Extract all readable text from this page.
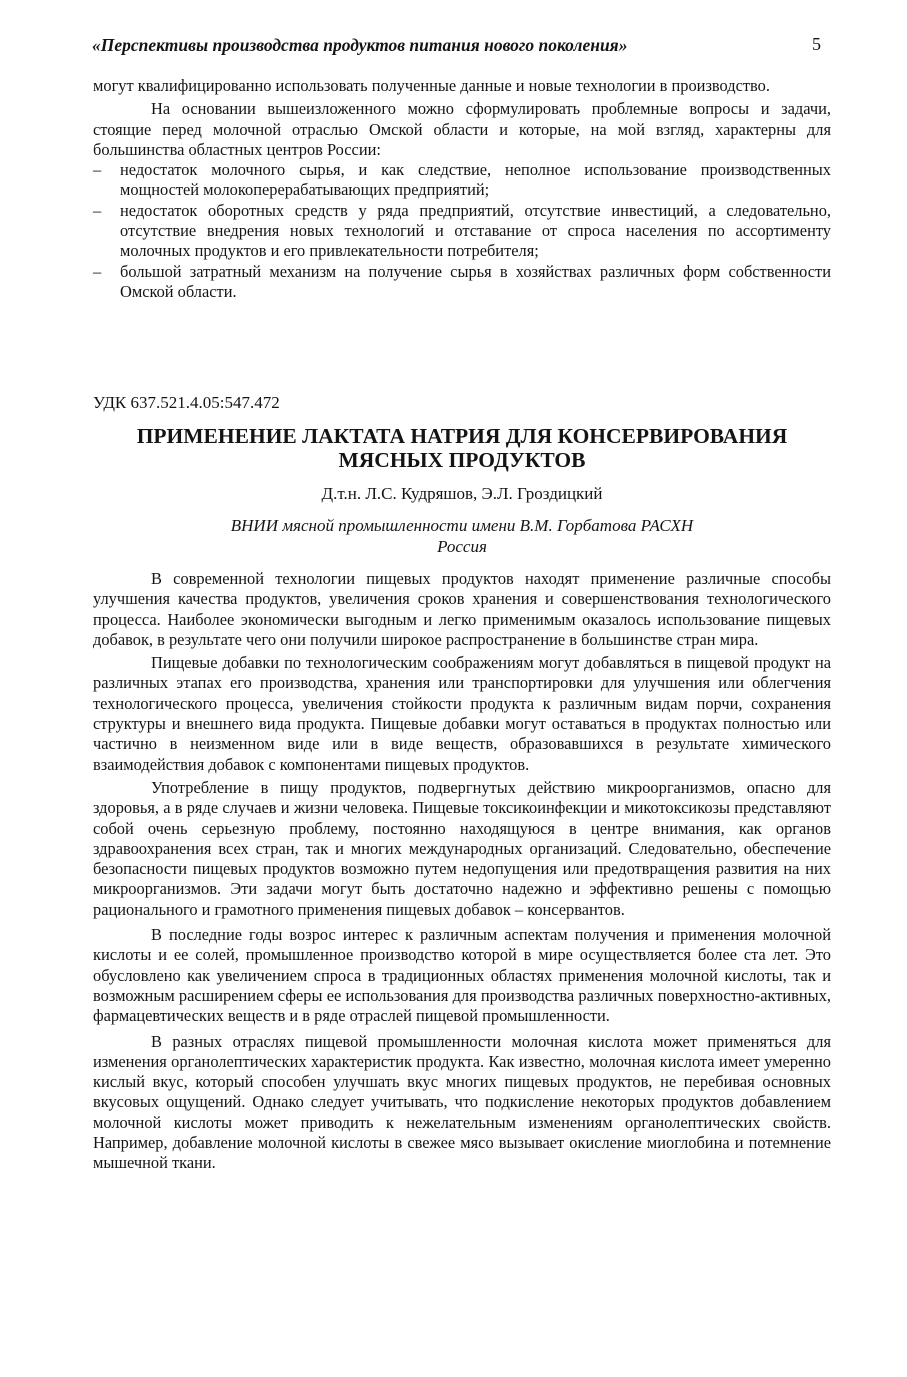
«Перспективы производства продуктов питания нового поколения»	5

могут квалифицированно использовать полученные данные и новые технологии в производство.

На основании вышеизложенного можно сформулировать проблемные вопросы и задачи, стоящие перед молочной отраслью Омской области и которые, на мой взгляд, характерны для большинства областных центров России:

– недостаток молочного сырья, и как следствие, неполное использование производственных мощностей молокоперерабатывающих предприятий;
– недостаток оборотных средств у ряда предприятий, отсутствие инвестиций, а следовательно, отсутствие внедрения новых технологий и отставание от спроса населения по ассортименту молочных продуктов и его привлекательности потребителя;
– большой затратный механизм на получение сырья в хозяйствах различных форм собственности Омской области.
УДК 637.521.4.05:547.472
ПРИМЕНЕНИЕ ЛАКТАТА НАТРИЯ ДЛЯ КОНСЕРВИРОВАНИЯ
МЯСНЫХ ПРОДУКТОВ
Д.т.н. Л.С. Кудряшов, Э.Л. Гроздицкий
ВНИИ мясной промышленности имени В.М. Горбатова РАСХН
Россия

В современной технологии пищевых продуктов находят применение различные способы улучшения качества продуктов, увеличения сроков хранения и совершенствования технологического процесса. Наиболее экономически выгодным и легко применимым оказалось использование пищевых добавок, в результате чего они получили широкое распространение в большинстве стран мира.

Пищевые добавки по технологическим соображениям могут добавляться в пищевой продукт на различных этапах его производства, хранения или транспортировки для улучшения или облегчения технологического процесса, увеличения стойкости продукта к различным видам порчи, сохранения структуры и внешнего вида продукта. Пищевые добавки могут оставаться в продуктах полностью или частично в неизменном виде или в виде веществ, образовавшихся в результате химического взаимодействия добавок с компонентами пищевых продуктов.

Употребление в пищу продуктов, подвергнутых действию микроорганизмов, опасно для здоровья, а в ряде случаев и жизни человека. Пищевые токсикоинфекции и микотоксикозы представляют собой очень серьезную проблему, постоянно находящуюся в центре внимания, как органов здравоохранения всех стран, так и многих международных организаций. Следовательно, обеспечение безопасности пищевых продуктов возможно путем недопущения или предотвращения развития на них микроорганизмов. Эти задачи могут быть достаточно надежно и эффективно решены с помощью рационального и грамотного применения пищевых добавок – консервантов.

В последние годы возрос интерес к различным аспектам получения и применения молочной кислоты и ее солей, промышленное производство которой в мире осуществляется более ста лет. Это обусловлено как увеличением спроса в традиционных областях применения молочной кислоты, так и возможным расширением сферы ее использования для производства различных поверхностно-активных, фармацевтических веществ и в ряде отраслей пищевой промышленности.

В разных отраслях пищевой промышленности молочная кислота может применяться для изменения органолептических характеристик продукта. Как известно, молочная кислота имеет умеренно кислый вкус, который способен улучшать вкус многих пищевых продуктов, не перебивая основных вкусовых ощущений. Однако следует учитывать, что подкисление некоторых продуктов добавлением молочной кислоты может приводить к нежелательным изменениям органолептических свойств. Например, добавление молочной кислоты в свежее мясо вызывает окисление миоглобина и потемнение мышечной ткани.
